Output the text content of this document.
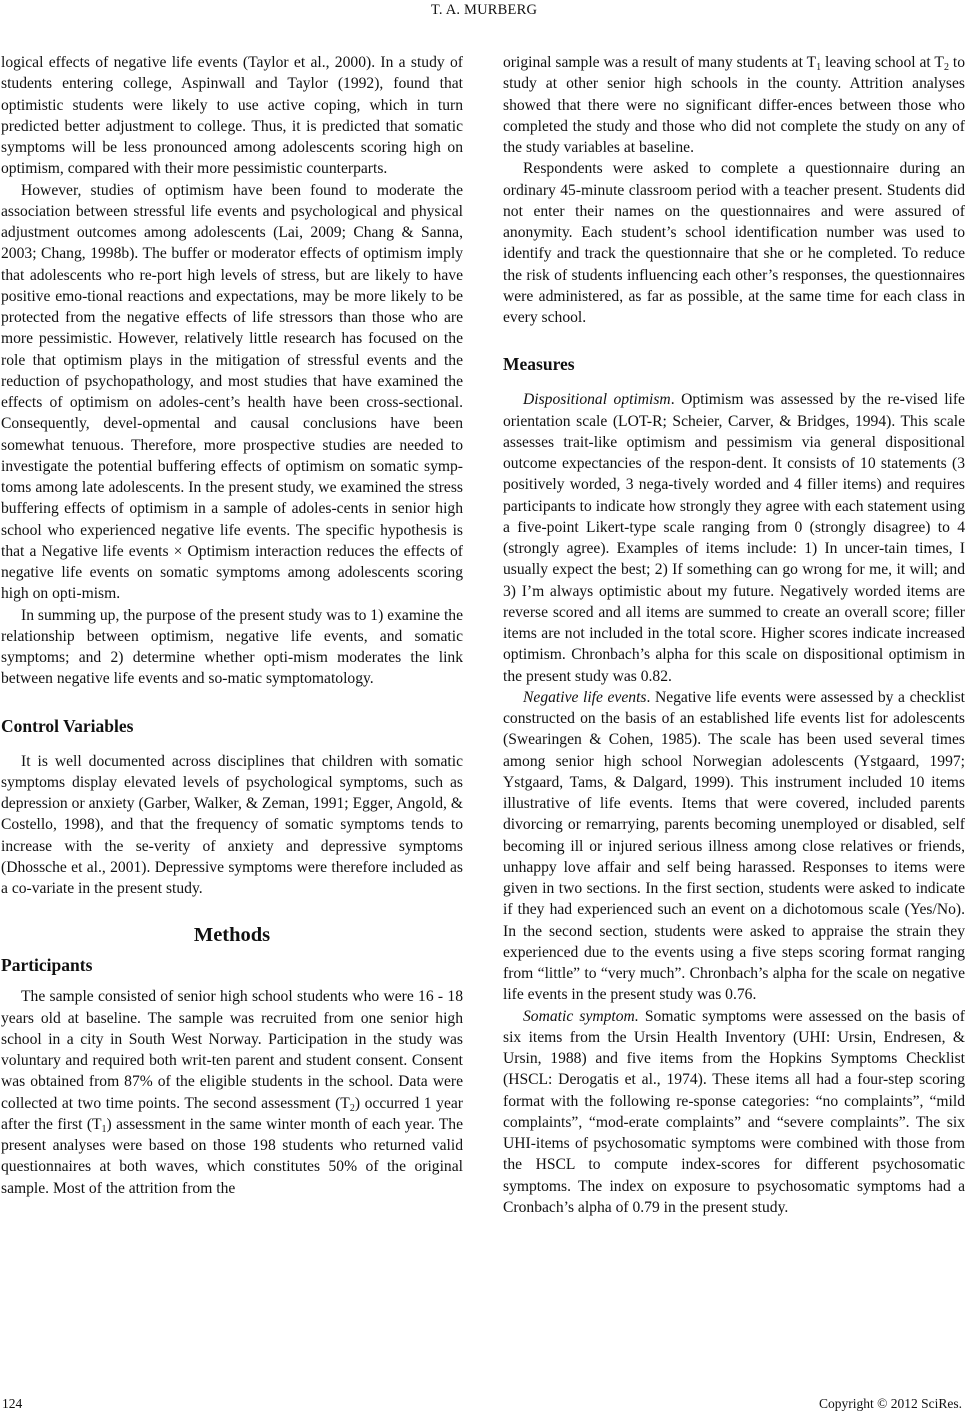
T. A. MURBERG

logical effects of negative life events (Taylor et al., 2000). In a study of students entering college, Aspinwall and Taylor (1992), found that optimistic students were likely to use active coping, which in turn predicted better adjustment to college. Thus, it is predicted that somatic symptoms will be less pronounced among adolescents scoring high on optimism, compared with their more pessimistic counterparts.

However, studies of optimism have been found to moderate the association between stressful life events and psychological and physical adjustment outcomes among adolescents (Lai, 2009; Chang & Sanna, 2003; Chang, 1998b). The buffer or moderator effects of optimism imply that adolescents who re-port high levels of stress, but are likely to have positive emo-tional reactions and expectations, may be more likely to be protected from the negative effects of life stressors than those who are more pessimistic. However, relatively little research has focused on the role that optimism plays in the mitigation of stressful events and the reduction of psychopathology, and most studies that have examined the effects of optimism on adoles-cent’s health have been cross-sectional. Consequently, devel-opmental and causal conclusions have been somewhat tenuous. Therefore, more prospective studies are needed to investigate the potential buffering effects of optimism on somatic symp-toms among late adolescents. In the present study, we examined the stress buffering effects of optimism in a sample of adoles-cents in senior high school who experienced negative life events. The specific hypothesis is that a Negative life events × Optimism interaction reduces the effects of negative life events on somatic symptoms among adolescents scoring high on opti-mism.

In summing up, the purpose of the present study was to 1) examine the relationship between optimism, negative life events, and somatic symptoms; and 2) determine whether opti-mism moderates the link between negative life events and so-matic symptomatology.

Control Variables

It is well documented across disciplines that children with somatic symptoms display elevated levels of psychological symptoms, such as depression or anxiety (Garber, Walker, & Zeman, 1991; Egger, Angold, & Costello, 1998), and that the frequency of somatic symptoms tends to increase with the se-verity of anxiety and depressive symptoms (Dhossche et al., 2001). Depressive symptoms were therefore included as a co-variate in the present study.

Methods
Participants

The sample consisted of senior high school students who were 16 - 18 years old at baseline. The sample was recruited from one senior high school in a city in South West Norway. Participation in the study was voluntary and required both writ-ten parent and student consent. Consent was obtained from 87% of the eligible students in the school. Data were collected at two time points. The second assessment $(T_2)$ occurred 1 year after the first $(T_1)$ assessment in the same winter month of each year. The present analyses were based on those 198 students who returned valid questionnaires at both waves, which constitutes 50% of the original sample. Most of the attrition from the

original sample was a result of many students at $T_1$ leaving school at $T_2$ to study at other senior high schools in the county. Attrition analyses showed that there were no significant differ-ences between those who completed the study and those who did not complete the study on any of the study variables at baseline.

Respondents were asked to complete a questionnaire during an ordinary 45-minute classroom period with a teacher present. Students did not enter their names on the questionnaires and were assured of anonymity. Each student’s school identification number was used to identify and track the questionnaire that she or he completed. To reduce the risk of students influencing each other’s responses, the questionnaires were administered, as far as possible, at the same time for each class in every school.

Measures

Dispositional optimism. Optimism was assessed by the re-vised life orientation scale (LOT-R; Scheier, Carver, & Bridges, 1994). This scale assesses trait-like optimism and pessimism via general dispositional outcome expectancies of the respon-dent. It consists of 10 statements (3 positively worded, 3 nega-tively worded and 4 filler items) and requires participants to indicate how strongly they agree with each statement using a five-point Likert-type scale ranging from 0 (strongly disagree) to 4 (strongly agree). Examples of items include: 1) In uncer-tain times, I usually expect the best; 2) If something can go wrong for me, it will; and 3) I’m always optimistic about my future. Negatively worded items are reverse scored and all items are summed to create an overall score; filler items are not included in the total score. Higher scores indicate increased optimism. Chronbach’s alpha for this scale on dispositional optimism in the present study was 0.82.

Negative life events. Negative life events were assessed by a checklist constructed on the basis of an established life events list for adolescents (Swearingen & Cohen, 1985). The scale has been used several times among senior high school Norwegian adolescents (Ystgaard, 1997; Ystgaard, Tams, & Dalgard, 1999). This instrument included 10 items illustrative of life events. Items that were covered, included parents divorcing or remarrying, parents becoming unemployed or disabled, self becoming ill or injured serious illness among close relatives or friends, unhappy love affair and self being harassed. Responses to items were given in two sections. In the first section, students were asked to indicate if they had experienced such an event on a dichotomous scale (Yes/No). In the second section, students were asked to appraise the strain they experienced due to the events using a five steps scoring format ranging from “little” to “very much”. Chronbach’s alpha for the scale on negative life events in the present study was 0.76.

Somatic symptom. Somatic symptoms were assessed on the basis of six items from the Ursin Health Inventory (UHI: Ursin, Endresen, & Ursin, 1988) and five items from the Hopkins Symptoms Checklist (HSCL: Derogatis et al., 1974). These items all had a four-step scoring format with the following re-sponse categories: “no complaints”, “mild complaints”, “mod-erate complaints” and “severe complaints”. The six UHI-items of psychosomatic symptoms were combined with those from the HSCL to compute index-scores for different psychosomatic symptoms. The index on exposure to psychosomatic symptoms had a Cronbach’s alpha of 0.79 in the present study.

124	Copyright © 2012 SciRes.
